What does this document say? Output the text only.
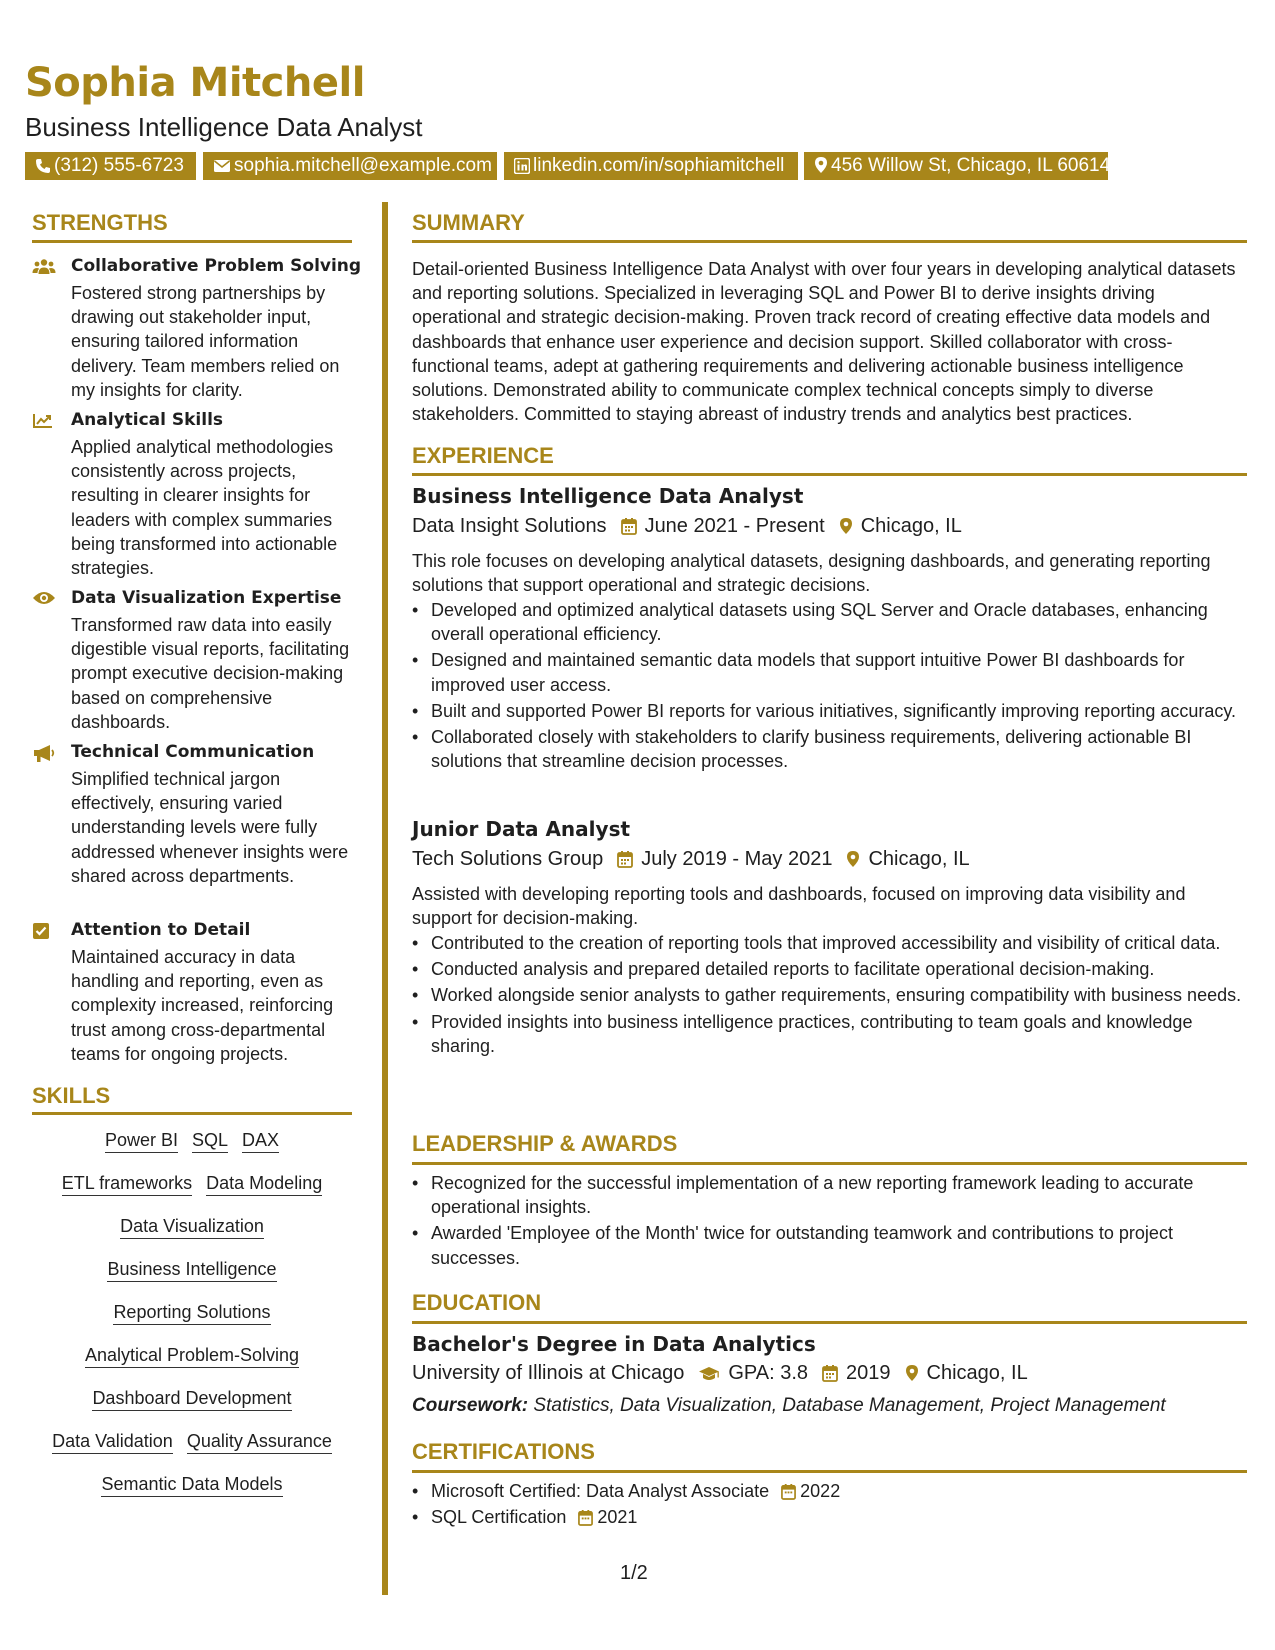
Sophia Mitchell
Business Intelligence Data Analyst
(312) 555-6723	sophia.mitchell@example.com	linkedin.com/in/sophiamitchell	456 Willow St, Chicago, IL 60614
STRENGTHS
Collaborative Problem Solving
Fostered strong partnerships by drawing out stakeholder input, ensuring tailored information delivery. Team members relied on my insights for clarity.
Analytical Skills
Applied analytical methodologies consistently across projects, resulting in clearer insights for leaders with complex summaries being transformed into actionable strategies.
Data Visualization Expertise
Transformed raw data into easily digestible visual reports, facilitating prompt executive decision-making based on comprehensive dashboards.
Technical Communication
Simplified technical jargon effectively, ensuring varied understanding levels were fully addressed whenever insights were shared across departments.
Attention to Detail
Maintained accuracy in data handling and reporting, even as complexity increased, reinforcing trust among cross-departmental teams for ongoing projects.
SKILLS
Power BI SQL DAX
ETL frameworks Data Modeling
Data Visualization
Business Intelligence
Reporting Solutions
Analytical Problem-Solving
Dashboard Development
Data Validation Quality Assurance
Semantic Data Models
SUMMARY
Detail-oriented Business Intelligence Data Analyst with over four years in developing analytical datasets and reporting solutions. Specialized in leveraging SQL and Power BI to derive insights driving operational and strategic decision-making. Proven track record of creating effective data models and dashboards that enhance user experience and decision support. Skilled collaborator with cross-functional teams, adept at gathering requirements and delivering actionable business intelligence solutions. Demonstrated ability to communicate complex technical concepts simply to diverse stakeholders. Committed to staying abreast of industry trends and analytics best practices.
EXPERIENCE
Business Intelligence Data Analyst
Data Insight Solutions June 2021 - Present Chicago, IL
This role focuses on developing analytical datasets, designing dashboards, and generating reporting solutions that support operational and strategic decisions.
• Developed and optimized analytical datasets using SQL Server and Oracle databases, enhancing overall operational efficiency.
• Designed and maintained semantic data models that support intuitive Power BI dashboards for improved user access.
• Built and supported Power BI reports for various initiatives, significantly improving reporting accuracy.
• Collaborated closely with stakeholders to clarify business requirements, delivering actionable BI solutions that streamline decision processes.
Junior Data Analyst
Tech Solutions Group July 2019 - May 2021 Chicago, IL
Assisted with developing reporting tools and dashboards, focused on improving data visibility and support for decision-making.
• Contributed to the creation of reporting tools that improved accessibility and visibility of critical data.
• Conducted analysis and prepared detailed reports to facilitate operational decision-making.
• Worked alongside senior analysts to gather requirements, ensuring compatibility with business needs.
• Provided insights into business intelligence practices, contributing to team goals and knowledge sharing.
LEADERSHIP & AWARDS
• Recognized for the successful implementation of a new reporting framework leading to accurate operational insights.
• Awarded 'Employee of the Month' twice for outstanding teamwork and contributions to project successes.
EDUCATION
Bachelor's Degree in Data Analytics
University of Illinois at Chicago GPA: 3.8 2019 Chicago, IL
Coursework: Statistics, Data Visualization, Database Management, Project Management
CERTIFICATIONS
• Microsoft Certified: Data Analyst Associate 2022
• SQL Certification 2021
1/2
